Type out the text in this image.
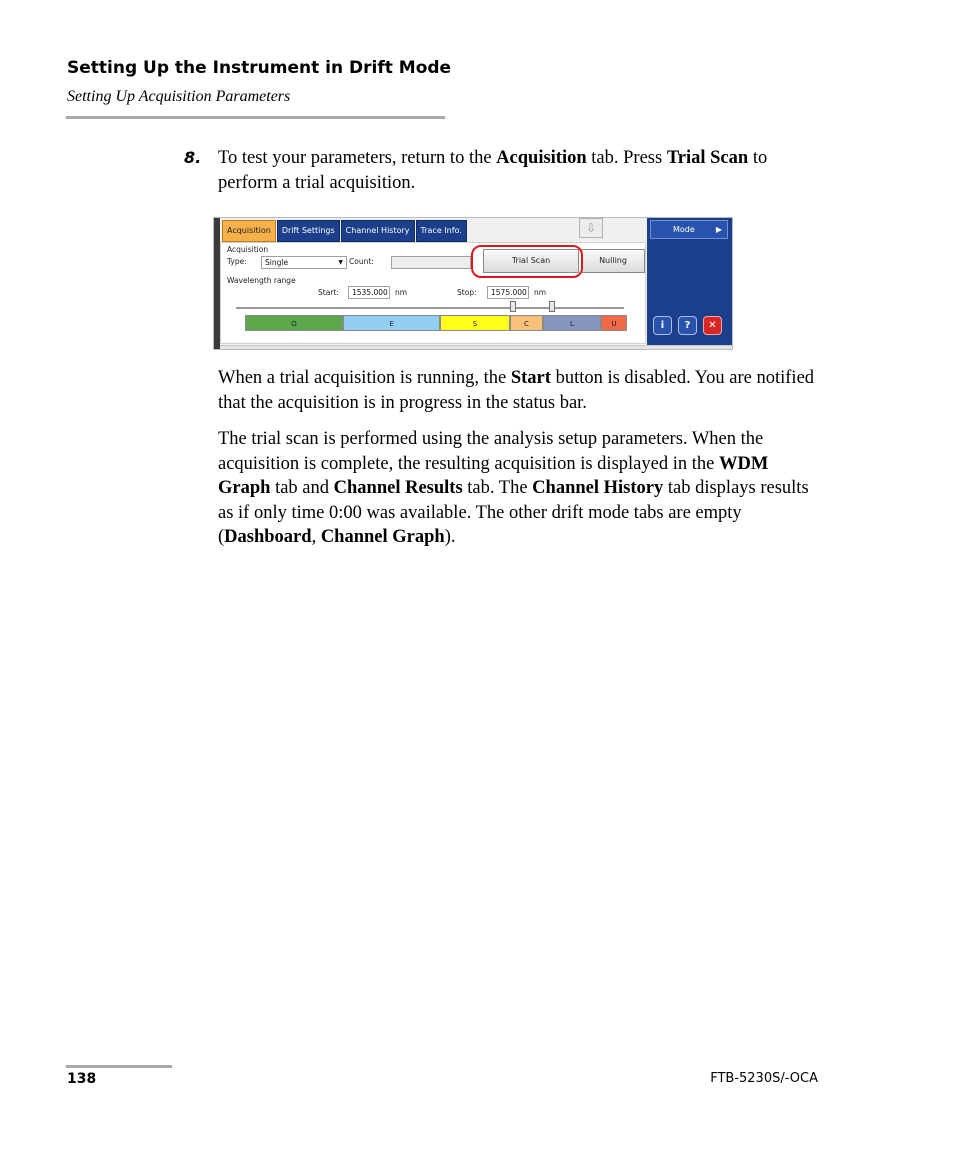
Setting Up the Instrument in Drift Mode
Setting Up Acquisition Parameters
8. To test your parameters, return to the Acquisition tab. Press Trial Scan to perform a trial acquisition.
Acquisition	Drift Settings	Channel History	Trace Info.	⇩
Acquisition
Type:	Single	▼ Count:	Trial Scan	Nulling
Wavelength range
Start:	1535.000 nm	Stop:	1575.000 nm
O	E	S	C	L	U
Mode	▶
i	?	✕
When a trial acquisition is running, the Start button is disabled. You are notified that the acquisition is in progress in the status bar.
The trial scan is performed using the analysis setup parameters. When the acquisition is complete, the resulting acquisition is displayed in the WDM Graph tab and Channel Results tab. The Channel History tab displays results as if only time 0:00 was available. The other drift mode tabs are empty (Dashboard, Channel Graph).
138	FTB-5230S/-OCA
